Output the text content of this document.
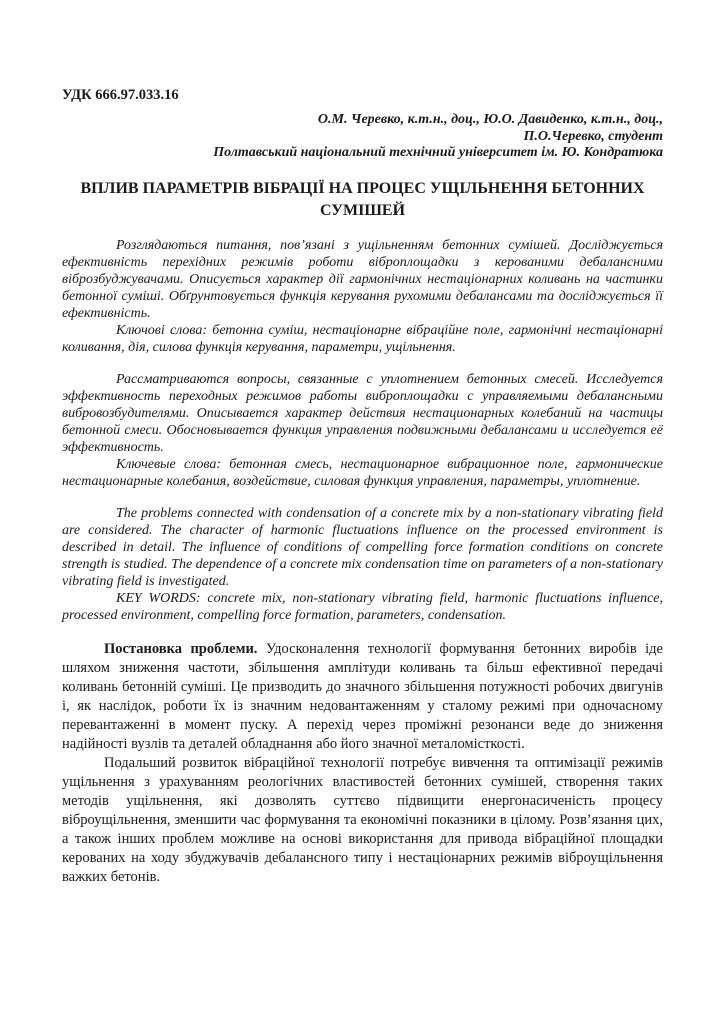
УДК 666.97.033.16
О.М. Черевко, к.т.н., доц., Ю.О. Давиденко, к.т.н., доц.,
П.О.Черевко, студент
Полтавський національний технічний університет ім. Ю. Кондратюка
ВПЛИВ ПАРАМЕТРІВ ВІБРАЦІЇ НА ПРОЦЕС УЩІЛЬНЕННЯ БЕТОННИХ СУМІШЕЙ

Розглядаються питання, пов’язані з ущільненням бетонних сумішей. Досліджується ефективність перехідних режимів роботи віброплощадки з керованими дебалансними віброзбуджувачами. Описується характер дії гармонічних нестаціонарних коливань на частинки бетонної суміші. Обґрунтовується функція керування рухомими дебалансами та досліджується її ефективність.

Ключові слова: бетонна суміш, нестаціонарне вібраційне поле, гармонічні нестаціонарні коливання, дія, силова функція керування, параметри, ущільнення.

Рассматриваются вопросы, связанные с уплотнением бетонных смесей. Исследуется эффективность переходных режимов работы виброплощадки с управляемыми дебалансными вибровозбудителями. Описывается характер действия нестационарных колебаний на частицы бетонной смеси. Обосновывается функция управления подвижными дебалансами и исследуется её эффективность.

Ключевые слова: бетонная смесь, нестационарное вибрационное поле, гармонические нестационарные колебания, воздействие, силовая функция управления, параметры, уплотнение.

The problems connected with condensation of a concrete mix by a non-stationary vibrating field are considered. The character of harmonic fluctuations influence on the processed environment is described in detail. The influence of conditions of compelling force formation conditions on concrete strength is studied. The dependence of a concrete mix condensation time on parameters of a non-stationary vibrating field is investigated.

KEY WORDS: concrete mix, non-stationary vibrating field, harmonic fluctuations influence, processed environment, compelling force formation, parameters, condensation.

Постановка проблеми. Удосконалення технології формування бетонних виробів іде шляхом зниження частоти, збільшення амплітуди коливань та більш ефективної передачі коливань бетонній суміші. Це призводить до значного збільшення потужності робочих двигунів і, як наслідок, роботи їх із значним недовантаженням у сталому режимі при одночасному перевантаженні в момент пуску. А перехід через проміжні резонанси веде до зниження надійності вузлів та деталей обладнання або його значної металомісткості.

Подальший розвиток вібраційної технології потребує вивчення та оптимізації режимів ущільнення з урахуванням реологічних властивостей бетонних сумішей, створення таких методів ущільнення, які дозволять суттєво підвищити енергонасиченість процесу віброущільнення, зменшити час формування та економічні показники в цілому. Розв’язання цих, а також інших проблем можливе на основі використання для привода вібраційної площадки керованих на ходу збуджувачів дебалансного типу і нестаціонарних режимів віброущільнення важких бетонів.
